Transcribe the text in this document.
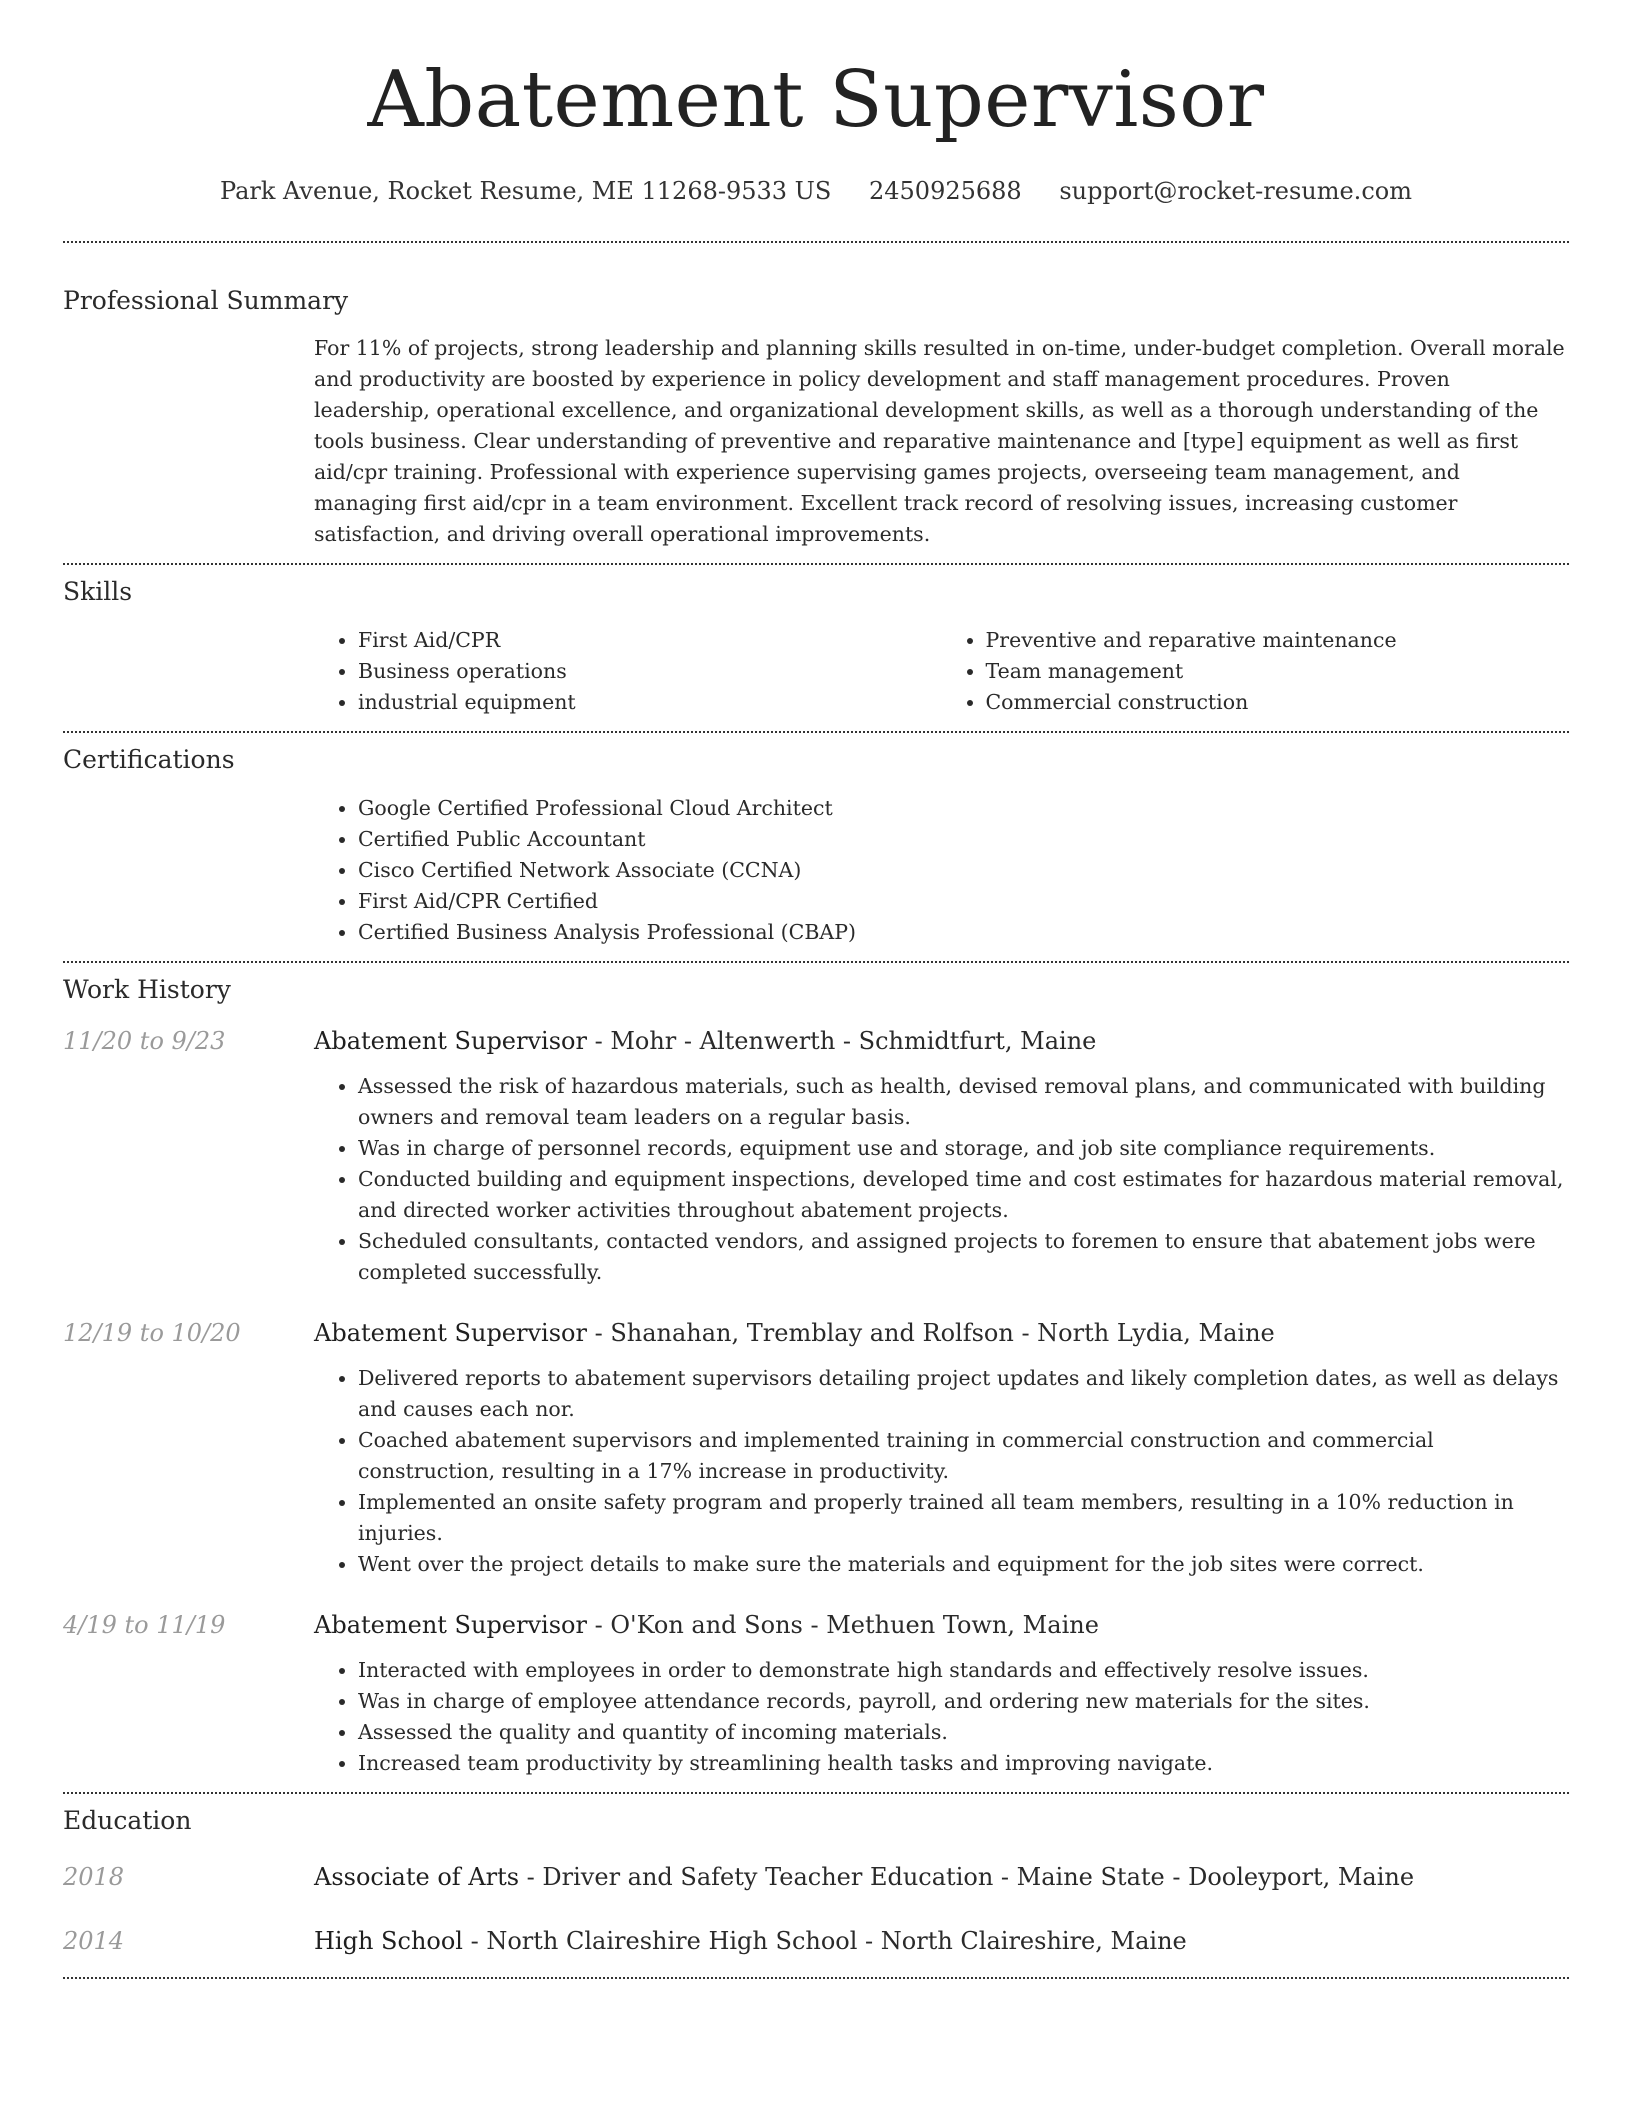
Abatement Supervisor
Park Avenue, Rocket Resume, ME 11268-9533 US 2450925688 support@rocket-resume.com
Professional Summary
For 11% of projects, strong leadership and planning skills resulted in on-time, under-budget completion. Overall morale and productivity are boosted by experience in policy development and staff management procedures. Proven leadership, operational excellence, and organizational development skills, as well as a thorough understanding of the tools business. Clear understanding of preventive and reparative maintenance and [type] equipment as well as first aid/cpr training. Professional with experience supervising games projects, overseeing team management, and managing first aid/cpr in a team environment. Excellent track record of resolving issues, increasing customer satisfaction, and driving overall operational improvements.
Skills
• First Aid/CPR
• Business operations
• industrial equipment
• Preventive and reparative maintenance
• Team management
• Commercial construction
Certifications
• Google Certified Professional Cloud Architect
• Certified Public Accountant
• Cisco Certified Network Associate (CCNA)
• First Aid/CPR Certified
• Certified Business Analysis Professional (CBAP)
Work History
11/20 to 9/23	Abatement Supervisor - Mohr - Altenwerth - Schmidtfurt, Maine
• Assessed the risk of hazardous materials, such as health, devised removal plans, and communicated with building owners and removal team leaders on a regular basis.
• Was in charge of personnel records, equipment use and storage, and job site compliance requirements.
• Conducted building and equipment inspections, developed time and cost estimates for hazardous material removal, and directed worker activities throughout abatement projects.
• Scheduled consultants, contacted vendors, and assigned projects to foremen to ensure that abatement jobs were completed successfully.
12/19 to 10/20	Abatement Supervisor - Shanahan, Tremblay and Rolfson - North Lydia, Maine
• Delivered reports to abatement supervisors detailing project updates and likely completion dates, as well as delays and causes each nor.
• Coached abatement supervisors and implemented training in commercial construction and commercial construction, resulting in a 17% increase in productivity.
• Implemented an onsite safety program and properly trained all team members, resulting in a 10% reduction in injuries.
• Went over the project details to make sure the materials and equipment for the job sites were correct.
4/19 to 11/19	Abatement Supervisor - O'Kon and Sons - Methuen Town, Maine
• Interacted with employees in order to demonstrate high standards and effectively resolve issues.
• Was in charge of employee attendance records, payroll, and ordering new materials for the sites.
• Assessed the quality and quantity of incoming materials.
• Increased team productivity by streamlining health tasks and improving navigate.
Education
2018	Associate of Arts - Driver and Safety Teacher Education - Maine State - Dooleyport, Maine
2014	High School - North Claireshire High School - North Claireshire, Maine
